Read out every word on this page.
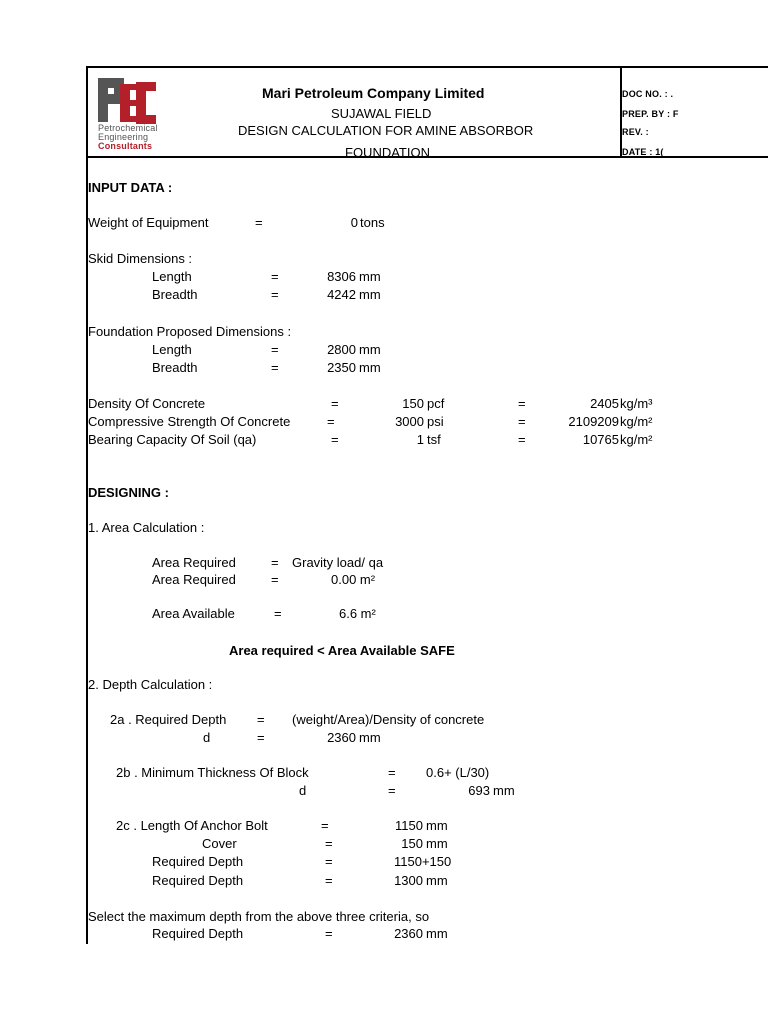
Petrochemical
Engineering
Consultants
Mari Petroleum Company Limited
SUJAWAL FIELD
DESIGN CALCULATION FOR AMINE ABSORBOR
FOUNDATION
DOC NO. : .
PREP. BY : F
REV. :
DATE : 1(
INPUT DATA :
Weight of Equipment	=	0 tons
Skid Dimensions :
Length	=	8306 mm
Breadth	=	4242 mm
Foundation Proposed Dimensions :
Length	=	2800 mm
Breadth	=	2350 mm
Density Of Concrete	=	150 pcf	=	2405 kg/m³
Compressive Strength Of Concrete	=	3000 psi	=	2109209 kg/m²
Bearing Capacity Of Soil (qa)	=	1 tsf	=	10765 kg/m²
DESIGNING :
1. Area Calculation :
Area Required	= Gravity load/ qa
Area Required	=	0.00 m²
Area Available	=	6.6 m²
Area required < Area Available SAFE
2. Depth Calculation :
2a . Required Depth = (weight/Area)/Density of concrete
d	=	2360 mm
2b . Minimum Thickness Of Block	= 0.6+ (L/30)
d	=	693 mm
2c . Length Of Anchor Bolt	=	1150 mm
Cover	=	150 mm
Required Depth	=	1150+150
Required Depth	=	1300 mm
Select the maximum depth from the above three criteria, so
Required Depth	=	2360 mm
